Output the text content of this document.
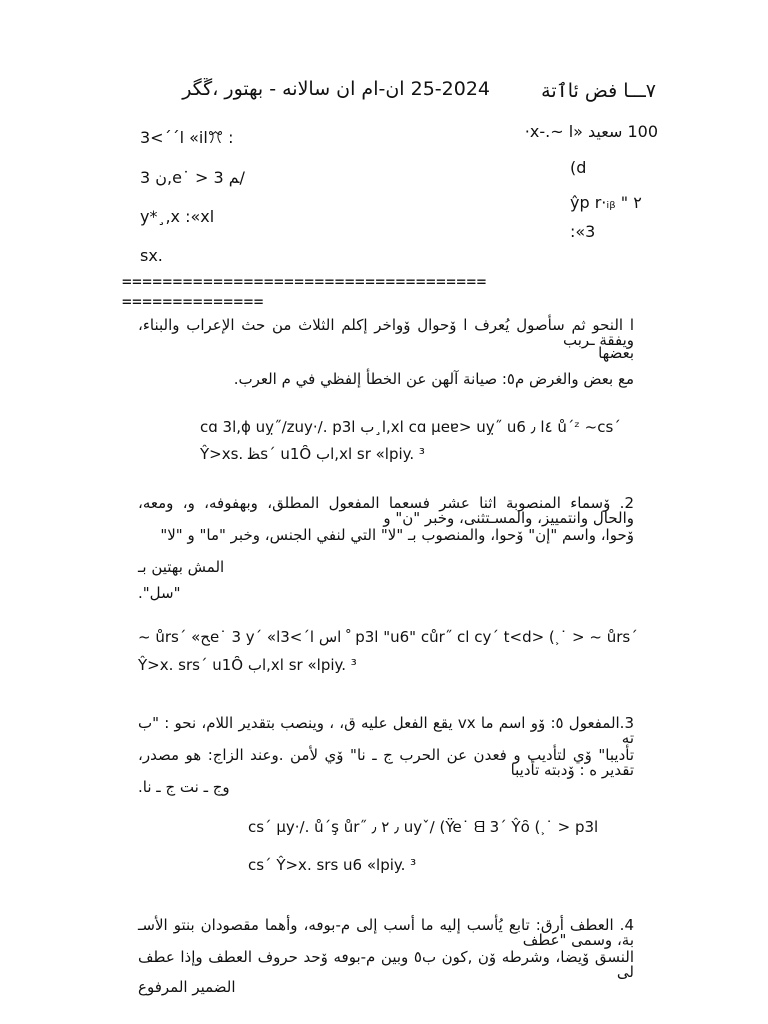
25-2024 ان-ام ان سالانه - بهتور ،ڱگر	٧ـــا فض ئاٱتة
100 سعيد «ا ~.-x·
(d
ŷp r·ᵢᵦ " ٢
:«3
3<´´l «iاꔫ :
3 ن,e˙ > 3 ﻢ/
y*¸,x :«xا
sx.
====================================
==============
ا النحو ثم سأصول يُعرف ا ۆحوال ۆواخر إكلم الثلاث من حث الإعراب والبناء، ويفقة ـربب
بعضها
مع بعض والغرض م٥: صيانة آلهن عن الخطأ إلفظي في م العرب.
cɑ 3l,ɸ uỵ˝∕zuy·∕. p3l ا¸ب,xl cɑ μeɐ> uỵ˝ u6 ٤ﺍ ٫ ů´ᶻ ~cs´
Ŷ>xs. ﻈs´ u1Ȏ اﺏ,xl sr «lpiy. ³
2. ۆسماء المنصوبة اثنا عشر فسعما المفعول المطلق، وبهفوفه، و، ومعه، والحال وانتمييز، والمسـتثنى، وخبر "ن" و
ۆحوا، واسم "إن" ۆحوا، والمنصوب بـ "لا" التي لنفي الجنس، وخبر "ما" و "لا"
المش بهتين بـ
"سل".
~ ůrs´ «ﺢe˙ 3 y´ «l3<´l ﹾ اس p3l "u6" cůr˝ cl cy´ t<d> (˲˙ > ~ ůrs´
Ŷ>x. srs´ u1Ȏ اﺏ,xl sr «lpiy. ³
3.المفعول ٥: ۆو اسم ما vx يقع الفعل عليه ق، ، وينصب بتقدير اللام، نحو : "ب ته
تأديبا" ۆي لتأديب و فعدن عن الحرب ج ـ نا" ۆي لأمن .وعند الزاج: هو مصدر، تقدير ه : ۆدبته تأديبا
وج ـ نت ج ـ نا.
cs´ μy·∕. ů´ş ůr˝ ٫ ٢ ٫ uyˇ∕ (Ÿe˙ ᗺ 3´ Ŷȏ (˲˙ > p3l
cs´ Ŷ>x. srs u6 «lpiy. ³
4. العطف أرق: تابع يُأسب إليه ما أسب إلى م-بوٯه، وأهما مقصودان بنتو الأسـ بة، وسمى "عطف
النسق ۆيضا، وشرطه ۆن ,كون ب٥ وبين م-بوٯه ۆحد حروف العطف وإذا عطف لى
الضمير المرفوع
